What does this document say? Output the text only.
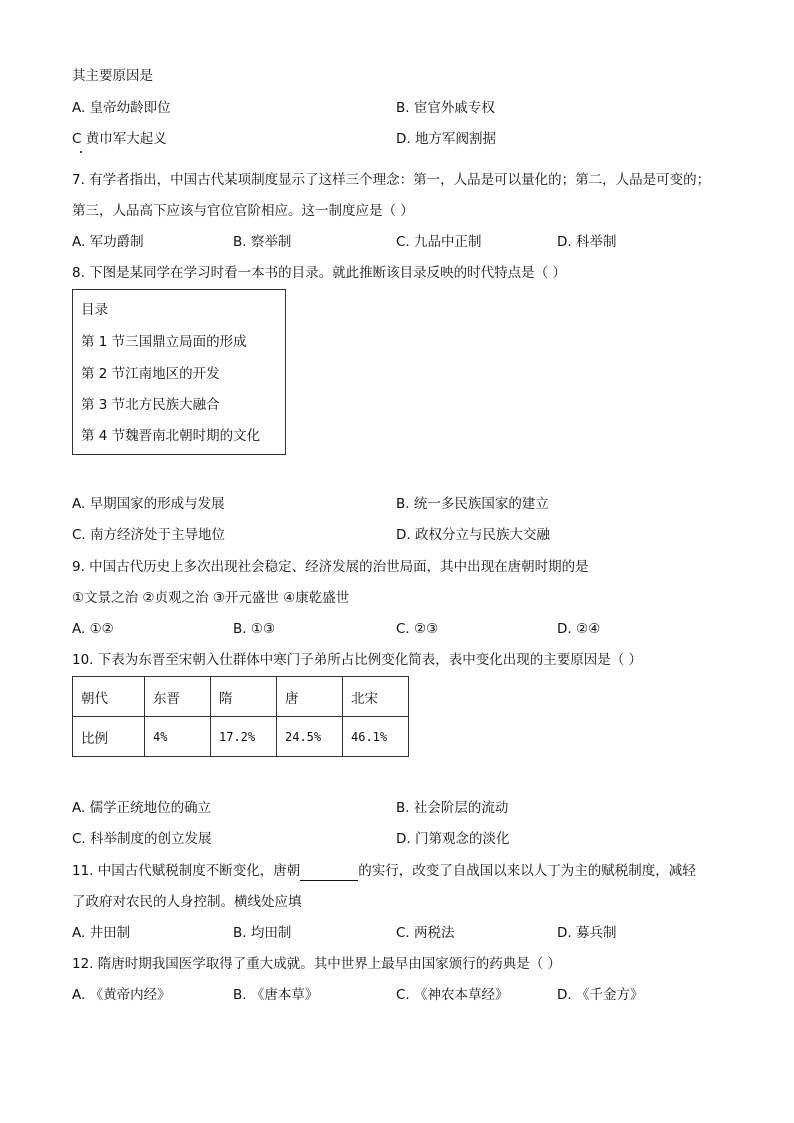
其主要原因是
A. 皇帝幼龄即位	B. 宦官外戚专权
C 黄巾军大起义	D. 地方军阀割据
7. 有学者指出，中国古代某项制度显示了这样三个理念：第一，人品是可以量化的；第二，人品是可变的；
第三，人品高下应该与官位官阶相应。这一制度应是（ ）
A. 军功爵制	B. 察举制	C. 九品中正制	D. 科举制
8. 下图是某同学在学习时看一本书的目录。就此推断该目录反映的时代特点是（ ）
目录
第 1 节三国鼎立局面的形成
第 2 节江南地区的开发
第 3 节北方民族大融合
第 4 节魏晋南北朝时期的文化
A. 早期国家的形成与发展	B. 统一多民族国家的建立
C. 南方经济处于主导地位	D. 政权分立与民族大交融
9. 中国古代历史上多次出现社会稳定、经济发展的治世局面，其中出现在唐朝时期的是
①文景之治 ②贞观之治 ③开元盛世 ④康乾盛世
A. ①②	B. ①③	C. ②③	D. ②④
10. 下表为东晋至宋朝入仕群体中寒门子弟所占比例变化简表，表中变化出现的主要原因是（ ）
朝代	东晋	隋	唐	北宋
比例	4%	17.2%	24.5%	46.1%
A. 儒学正统地位的确立	B. 社会阶层的流动
C. 科举制度的创立发展	D. 门第观念的淡化
11. 中国古代赋税制度不断变化，唐朝	的实行，改变了自战国以来以人丁为主的赋税制度，减轻
了政府对农民的人身控制。横线处应填
A. 井田制	B. 均田制	C. 两税法	D. 募兵制
12. 隋唐时期我国医学取得了重大成就。其中世界上最早由国家颁行的药典是（ ）
A. 《黄帝内经》	B. 《唐本草》	C. 《神农本草经》	D. 《千金方》
